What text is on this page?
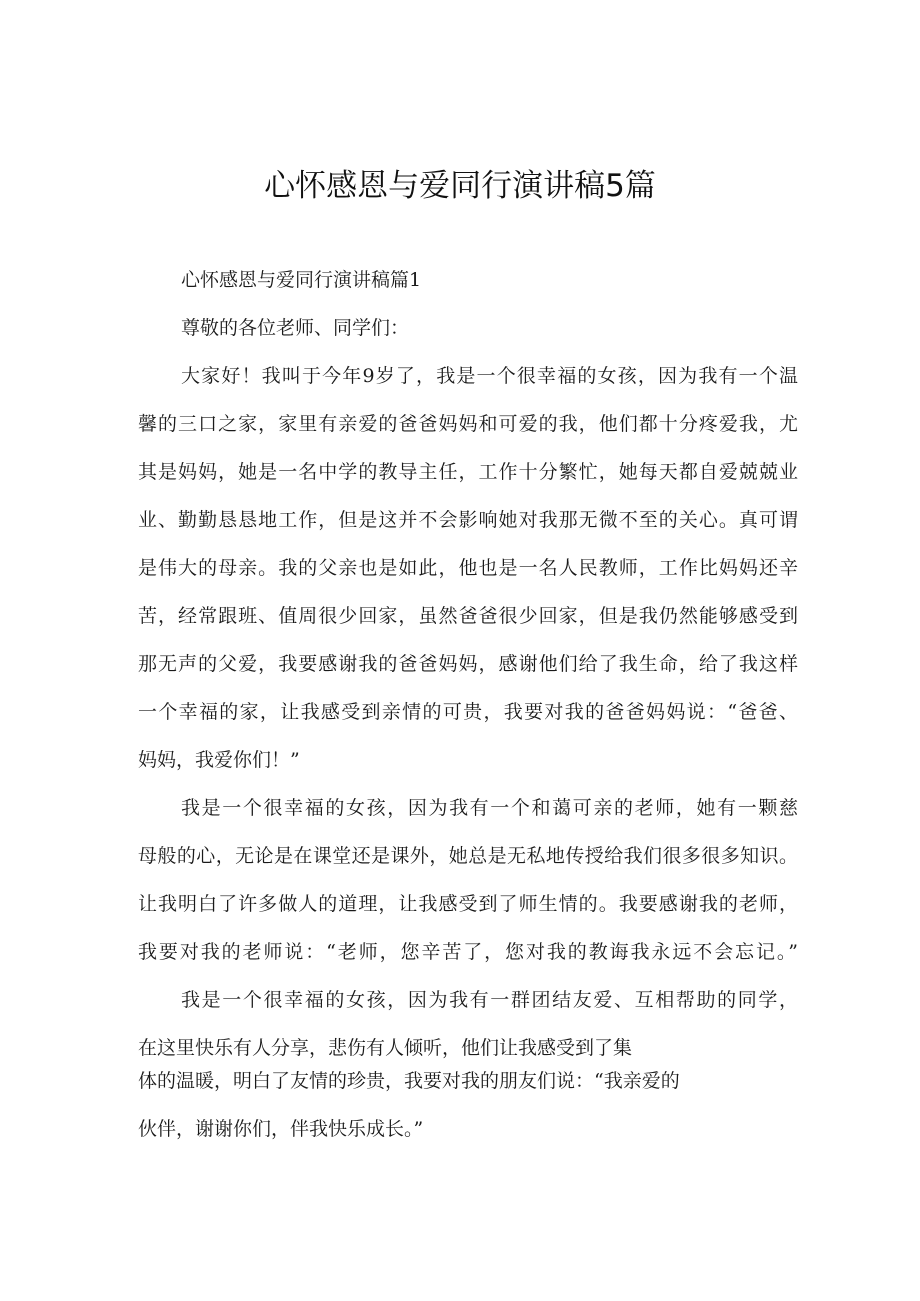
心怀感恩与爱同行演讲稿5篇
心怀感恩与爱同行演讲稿篇1
尊敬的各位老师、同学们：
大家好！我叫于今年9岁了，我是一个很幸福的女孩，因为我有一个温
馨的三口之家，家里有亲爱的爸爸妈妈和可爱的我，他们都十分疼爱我，尤
其是妈妈，她是一名中学的教导主任，工作十分繁忙，她每天都自爱兢兢业
业、勤勤恳恳地工作，但是这并不会影响她对我那无微不至的关心。真可谓
是伟大的母亲。我的父亲也是如此，他也是一名人民教师，工作比妈妈还辛
苦，经常跟班、值周很少回家，虽然爸爸很少回家，但是我仍然能够感受到
那无声的父爱，我要感谢我的爸爸妈妈，感谢他们给了我生命，给了我这样
一个幸福的家，让我感受到亲情的可贵，我要对我的爸爸妈妈说：“爸爸、
妈妈，我爱你们！”
我是一个很幸福的女孩，因为我有一个和蔼可亲的老师，她有一颗慈
母般的心，无论是在课堂还是课外，她总是无私地传授给我们很多很多知识。
让我明白了许多做人的道理，让我感受到了师生情的。我要感谢我的老师，
我要对我的老师说：“老师，您辛苦了，您对我的教诲我永远不会忘记。”
我是一个很幸福的女孩，因为我有一群团结友爱、互相帮助的同学，
在这里快乐有人分享，悲伤有人倾听，他们让我感受到了集
体的温暖，明白了友情的珍贵，我要对我的朋友们说：“我亲爱的
伙伴，谢谢你们，伴我快乐成长。”
